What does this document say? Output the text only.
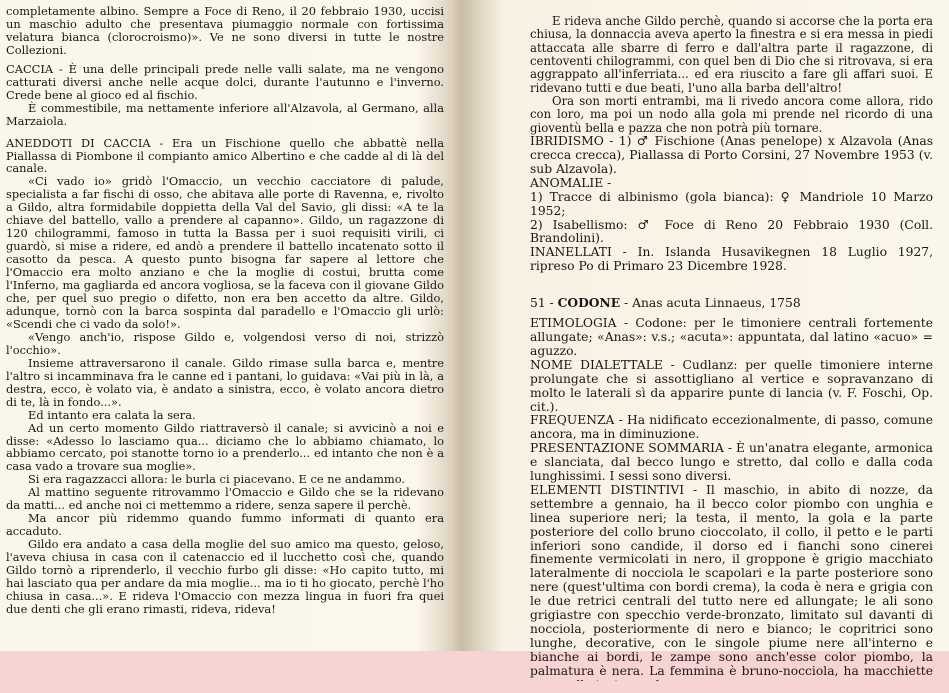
completamente albino. Sempre a Foce di Reno, il 20 febbraio 1930, uccisi un maschio adulto che presentava piumaggio normale con fortissima velatura bianca (clorocroismo)». Ve ne sono diversi in tutte le nostre Collezioni.

CACCIA - È una delle principali prede nelle valli salate, ma ne vengono catturati diversi anche nelle acque dolci, durante l'autunno e l'inverno. Crede bene al gioco ed al fischio.

È commestibile, ma nettamente inferiore all'Alzavola, al Germano, alla Marzaiola.

ANEDDOTI DI CACCIA - Era un Fischione quello che abbattè nella Piallassa di Piombone il compianto amico Albertino e che cadde al di là del canale.

«Ci vado io» gridò l'Omaccio, un vecchio cacciatore di palude, specialista a far fischi di osso, che abitava alle porte di Ravenna, e, rivolto a Gildo, altra formidabile doppietta della Val del Savio, gli dissi: «A te la chiave del battello, vallo a prendere al capanno». Gildo, un ragazzone di 120 chilogrammi, famoso in tutta la Bassa per i suoi requisiti virili, ci guardò, si mise a ridere, ed andò a prendere il battello incatenato sotto il casotto da pesca. A questo punto bisogna far sapere al lettore che l'Omaccio era molto anziano e che la moglie di costui, brutta come l'Inferno, ma gagliarda ed ancora vogliosa, se la faceva con il giovane Gildo che, per quel suo pregio o difetto, non era ben accetto da altre. Gildo, adunque, tornò con la barca sospinta dal paradello e l'Omaccio gli urlò: «Scendi che ci vado da solo!».

«Vengo anch'io, rispose Gildo e, volgendosi verso di noi, strizzò l'occhio».

Insieme attraversarono il canale. Gildo rimase sulla barca e, mentre l'altro si incamminava fra le canne ed i pantani, lo guidava: «Vai più in là, a destra, ecco, è volato via, è andato a sinistra, ecco, è volato ancora dietro di te, là in fondo...».

Ed intanto era calata la sera.

Ad un certo momento Gildo riattraversò il canale; si avvicinò a noi e disse: «Adesso lo lasciamo qua... diciamo che lo abbiamo chiamato, lo abbiamo cercato, poi stanotte torno io a prenderlo... ed intanto che non è a casa vado a trovare sua moglie».

Si era ragazzacci allora: le burla ci piacevano. E ce ne andammo.

Al mattino seguente ritrovammo l'Omaccio e Gildo che se la ridevano da matti... ed anche noi ci mettemmo a ridere, senza sapere il perchè.

Ma ancor più ridemmo quando fummo informati di quanto era accaduto.

Gildo era andato a casa della moglie del suo amico ma questo, geloso, l'aveva chiusa in casa con il catenaccio ed il lucchetto così che, quando Gildo tornò a riprenderlo, il vecchio furbo gli disse: «Ho capito tutto, mi hai lasciato qua per andare da mia moglie... ma io ti ho giocato, perchè l'ho chiusa in casa...». E rideva l'Omaccio con mezza lingua in fuori fra quei due denti che gli erano rimasti, rideva, rideva!

E rideva anche Gildo perchè, quando si accorse che la porta era chiusa, la donnaccia aveva aperto la finestra e si era messa in piedi attaccata alle sbarre di ferro e dall'altra parte il ragazzone, di centoventi chilogrammi, con quel ben di Dio che si ritrovava, si era aggrappato all'inferriata... ed era riuscito a fare gli affari suoi. E ridevano tutti e due beati, l'uno alla barba dell'altro!

Ora son morti entrambi, ma li rivedo ancora come allora, rido con loro, ma poi un nodo alla gola mi prende nel ricordo di una gioventù bella e pazza che non potrà più tornare.

IBRIDISMO - 1) ♂ Fischione (Anas penelope) x Alzavola (Anas crecca crecca), Piallassa di Porto Corsini, 27 Novembre 1953 (v. sub Alzavola).

ANOMALIE -

1) Tracce di albinismo (gola bianca): ♀ Mandriole 10 Marzo 1952;

2) Isabellismo: ♂ Foce di Reno 20 Febbraio 1930 (Coll. Brandolini).

INANELLATI - In. Islanda Husavikegnen 18 Luglio 1927, ripreso Po di Primaro 23 Dicembre 1928.

51 - CODONE - Anas acuta Linnaeus, 1758

ETIMOLOGIA - Codone: per le timoniere centrali fortemente allungate; «Anas»: v.s.; «acuta»: appuntata, dal latino «acuo» = aguzzo.

NOME DIALETTALE - Cudlanz: per quelle timoniere interne prolungate che si assottigliano al vertice e sopravanzano di molto le laterali sì da apparire punte di lancia (v. F. Foschi, Op. cit.).

FREQUENZA - Ha nidificato eccezionalmente, di passo, comune ancora, ma in diminuzione.

PRESENTAZIONE SOMMARIA - È un'anatra elegante, armonica e slanciata, dal becco lungo e stretto, dal collo e dalla coda lunghissimi. I sessi sono diversi.

ELEMENTI DISTINTIVI - Il maschio, in abito di nozze, da settembre a gennaio, ha il becco color piombo con unghia e linea superiore neri; la testa, il mento, la gola e la parte posteriore del collo bruno cioccolato, il collo, il petto e le parti inferiori sono candide, il dorso ed i fianchi sono cinerei finemente vermicolati in nero, il groppone è grigio macchiato lateralmente di nocciola le scapolari e la parte posteriore sono nere (quest'ultima con bordi crema), la coda è nera e grigia con le due retrici centrali del tutto nere ed allungate; le ali sono grigiastre con specchio verde-bronzato, limitato sul davanti di nocciola, posteriormente di nero e bianco; le copritrici sono lunghe, decorative, con le singole piume nere all'interno e bianche ai bordi, le zampe sono anch'esse color piombo, la palmatura è nera. La femmina è bruno-nocciola, ha macchiette
